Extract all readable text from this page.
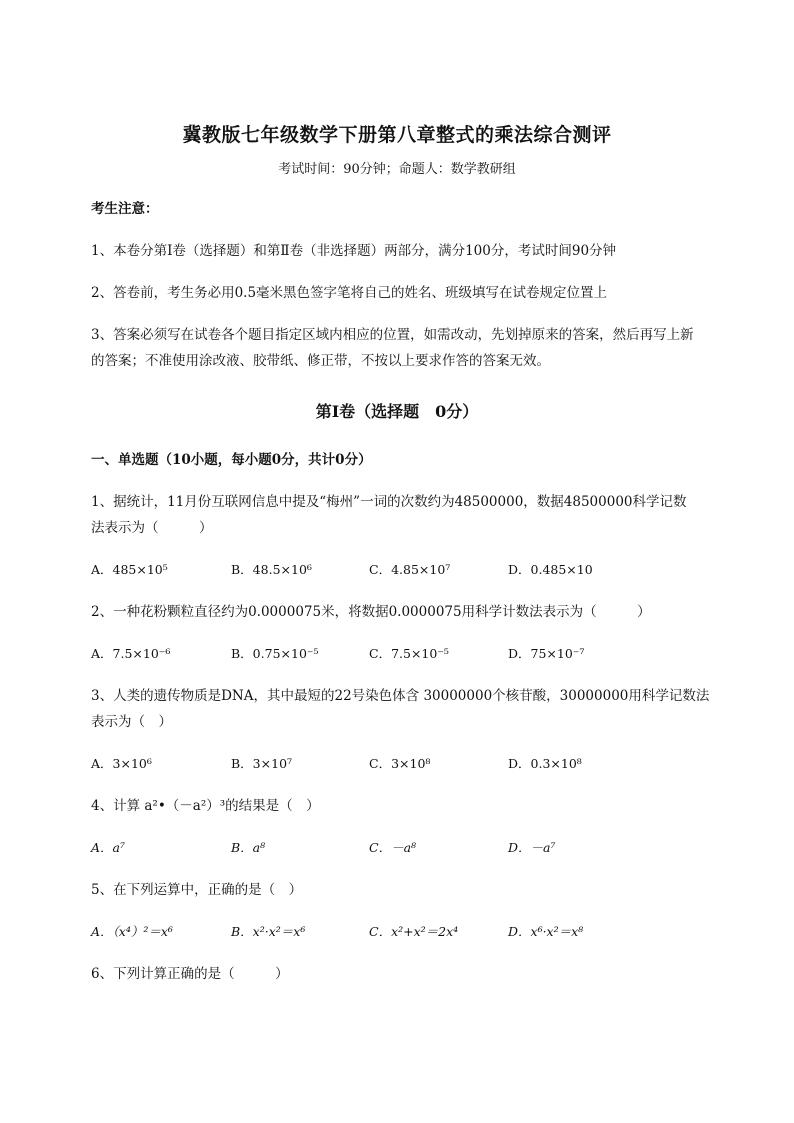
冀教版七年级数学下册第八章整式的乘法综合测评
考试时间：90分钟；命题人：数学教研组
考生注意：
1、本卷分第I卷（选择题）和第Ⅱ卷（非选择题）两部分，满分100分，考试时间90分钟
2、答卷前，考生务必用0.5毫米黑色签字笔将自己的姓名、班级填写在试卷规定位置上
3、答案必须写在试卷各个题目指定区域内相应的位置，如需改动，先划掉原来的答案，然后再写上新
的答案；不准使用涂改液、胶带纸、修正带，不按以上要求作答的答案无效。
第I卷（选择题　0分）
一、单选题（10小题，每小题0分，共计0分）
1、据统计，11月份互联网信息中提及“梅州”一词的次数约为48500000，数据48500000科学记数
法表示为（　　　）
A．485×10⁵	B．48.5×10⁶	C．4.85×10⁷	D．0.485×10
2、一种花粉颗粒直径约为0.0000075米，将数据0.0000075用科学计数法表示为（　　　）
A．7.5×10⁻⁶	B．0.75×10⁻⁵	C．7.5×10⁻⁵	D．75×10⁻⁷
3、人类的遗传物质是DNA，其中最短的22号染色体含 30000000个核苷酸，30000000用科学记数法
表示为（　）
A．3×10⁶	B．3×10⁷	C．3×10⁸	D．0.3×10⁸
4、计算 a²•（－a²）³的结果是（　）
A．a⁷	B．a⁸	C．－a⁸	D．－a⁷
5、在下列运算中，正确的是（　）
A．（x⁴）²＝x⁶	B．x²·x²＝x⁶	C．x²+x²＝2x⁴	D．x⁶·x²＝x⁸
6、下列计算正确的是（　　　）
